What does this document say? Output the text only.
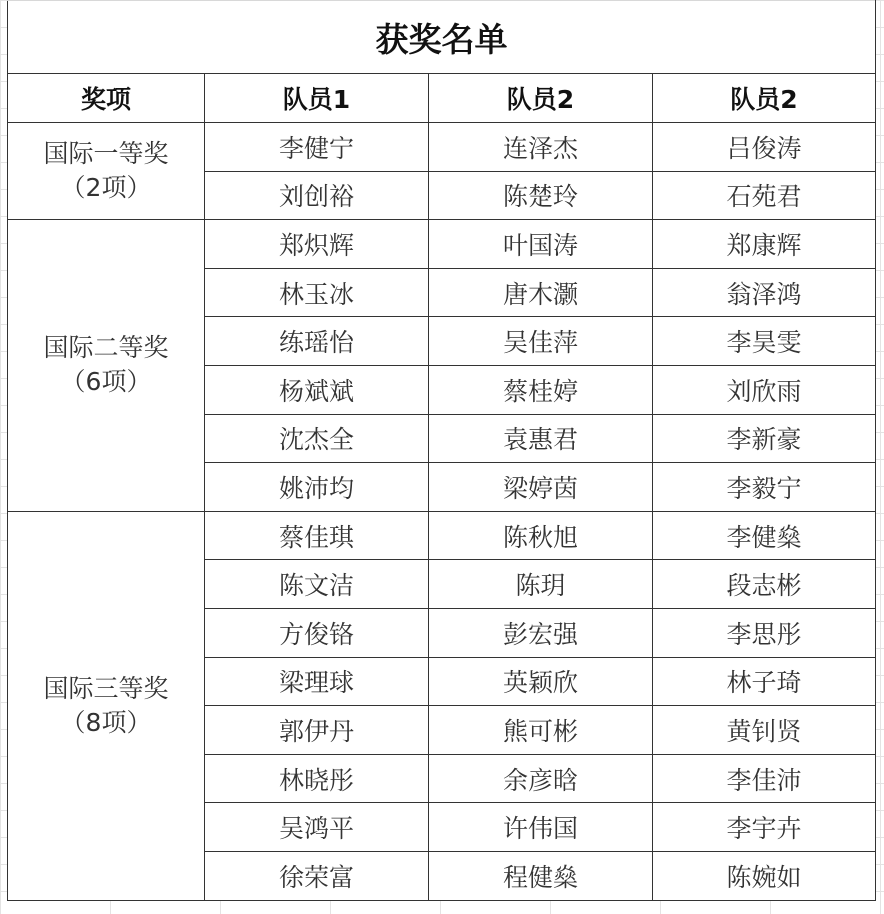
获奖名单			
奖项	队员1	队员2	队员2

国际一等奖
（2项）	李健宁	连泽杰	吕俊涛
	刘创裕	陈楚玲	石苑君

国际二等奖
（6项）	郑炽辉	叶国涛	郑康辉
	林玉冰	唐木灏	翁泽鸿
	练瑶怡	吴佳萍	李昊雯
	杨斌斌	蔡桂婷	刘欣雨
	沈杰全	袁惠君	李新豪
	姚沛均	梁婷茵	李毅宁

国际三等奖
（8项）	蔡佳琪	陈秋旭	李健燊
	陈文洁	陈玥	段志彬
	方俊铬	彭宏强	李思彤
	梁理球	英颖欣	林子琦
	郭伊丹	熊可彬	黄钊贤
	林晓彤	余彦晗	李佳沛
	吴鸿平	许伟国	李宇卉
	徐荣富	程健燊	陈婉如
